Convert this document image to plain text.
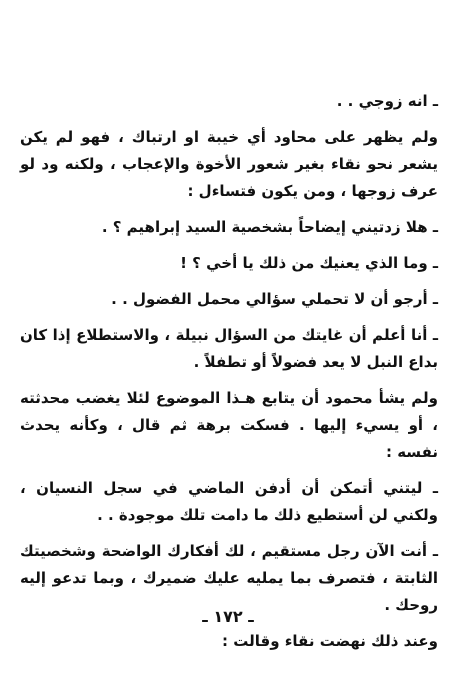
ـ انه زوجي . .

ولم يظهر على محاود أي خيبة او ارتباك ، فهو لم يكن يشعر نحو نقاء بغير شعور الأخوة والإعجاب ، ولكنه ود لو عرف زوجها ، ومن يكون فتساءل :

ـ هلا زدتيني إيضاحاً بشخصية السيد إبراهيم ؟ .

ـ وما الذي يعنيك من ذلك يا أخي ؟ !

ـ أرجو أن لا تحملي سؤالي محمل الفضول . .

ـ أنا أعلم أن غايتك من السؤال نبيلة ، والاستطلاع إذا كان بداع النبل لا يعد فضولاً أو تطفلاً .

ولم يشأ محمود أن يتابع هـذا الموضوع لئلا يغضب محدثته ، أو يسيء إليها . فسكت برهة ثم قال ، وكأنه يحدث نفسه :

ـ ليتني أتمكن أن أدفن الماضي في سجل النسيان ، ولكني لن أستطيع ذلك ما دامت تلك موجودة . .

ـ أنت الآن رجل مستقيم ، لك أفكارك الواضحة وشخصيتك الثابتة ، فتصرف بما يمليه عليك ضميرك ، وبما تدعو إليه روحك .

وعند ذلك نهضت نقاء وقالت :

ـ ١٧٢ ـ
